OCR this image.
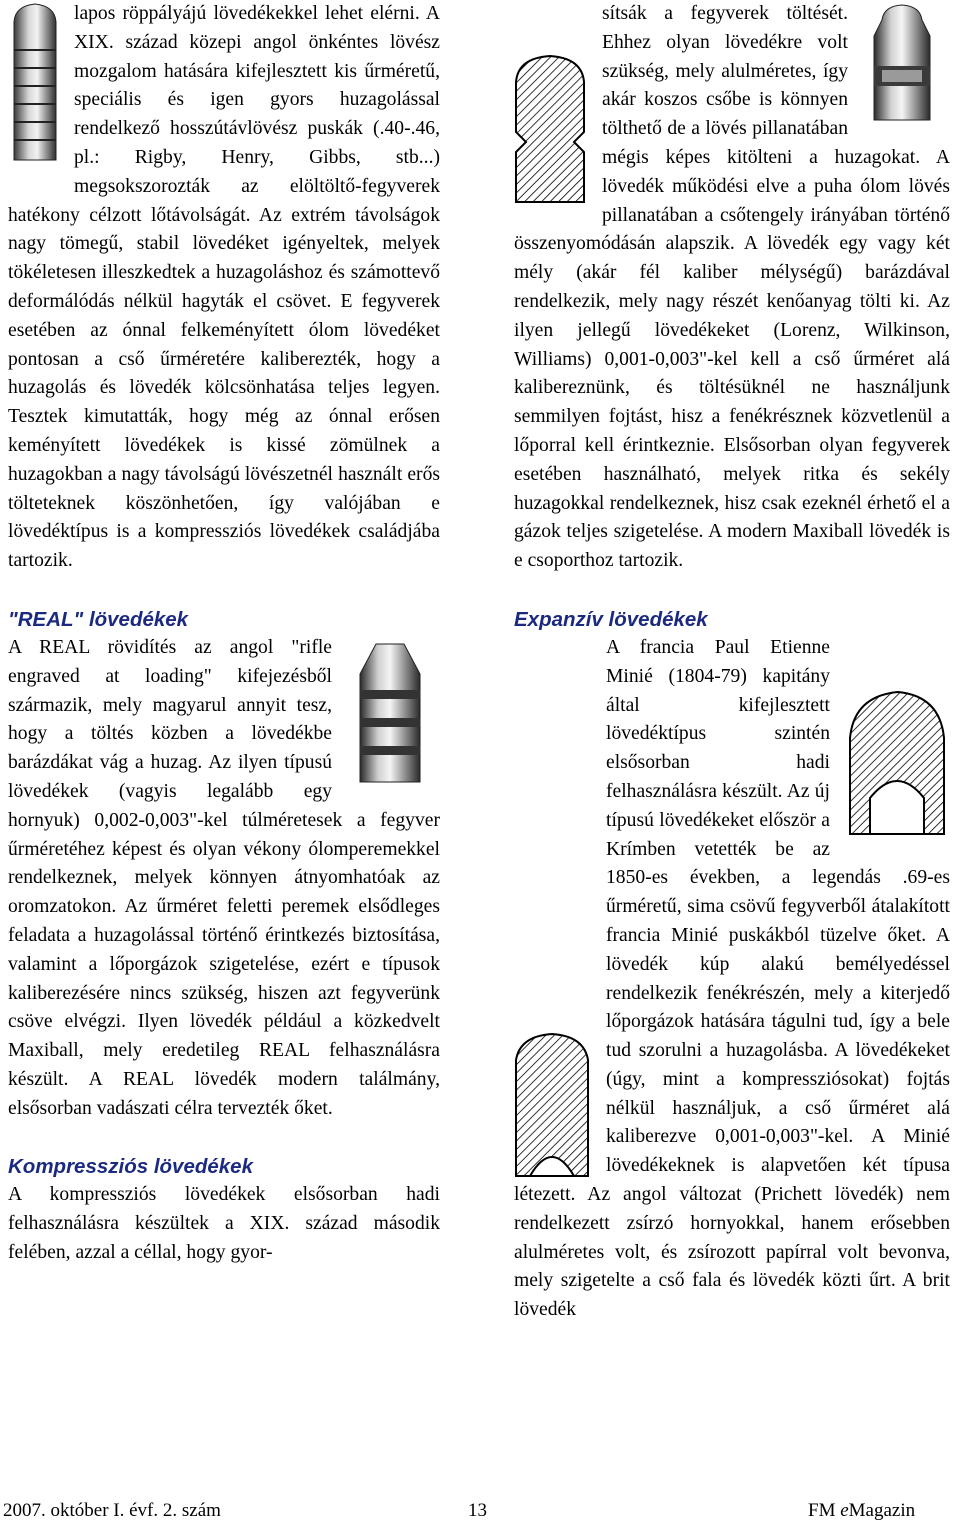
lapos röppályájú lövedékekkel lehet elérni. A XIX. század közepi angol önkéntes lövész mozgalom hatására kifejlesztett kis űrméretű, speciális és igen gyors huzagolással rendelkező hosszútávlövész puskák (.40-.46, pl.: Rigby, Henry, Gibbs, stb...) megsokszorozták az elöltöltő-fegyverek hatékony célzott lőtávolságát. Az extrém távolságok nagy tömegű, stabil lövedéket igényeltek, melyek tökéletesen illeszkedtek a huzagoláshoz és számottevő deformálódás nélkül hagyták el csövet. E fegyverek esetében az ónnal felkeményített ólom lövedéket pontosan a cső űrméretére kaliberezték, hogy a huzagolás és lövedék kölcsönhatása teljes legyen. Tesztek kimutatták, hogy még az ónnal erősen keményített lövedékek is kissé zömülnek a huzagokban a nagy távolságú lövészetnél használt erős tölteteknek köszönhetően, így valójában e lövedéktípus is a kompressziós lövedékek családjába tartozik.

"REAL" lövedékek

A REAL rövidítés az angol "rifle engraved at loading" kifejezésből származik, mely magyarul annyit tesz, hogy a töltés közben a lövedékbe barázdákat vág a huzag. Az ilyen típusú lövedékek (vagyis legalább egy hornyuk) 0,002-0,003"-kel túlméretesek a fegyver űrméretéhez képest és olyan vékony ólomperemekkel rendelkeznek, melyek könnyen átnyomhatóak az oromzatokon. Az űrméret feletti peremek elsődleges feladata a huzagolással történő érintkezés biztosítása, valamint a lőporgázok szigetelése, ezért e típusok kaliberezésére nincs szükség, hiszen azt fegyverünk csöve elvégzi. Ilyen lövedék például a közkedvelt Maxiball, mely eredetileg REAL felhasználásra készült. A REAL lövedék modern találmány, elsősorban vadászati célra tervezték őket.

Kompressziós lövedékek

A kompressziós lövedékek elsősorban hadi felhasználásra készültek a XIX. század második felében, azzal a céllal, hogy gyor-

sítsák a fegyverek töltését. Ehhez olyan lövedékre volt szükség, mely alulméretes, így akár koszos csőbe is könnyen tölthető de a lövés pillanatában mégis képes kitölteni a huzagokat. A lövedék működési elve a puha ólom lövés pillanatában a csőtengely irányában történő összenyomódásán alapszik. A lövedék egy vagy két mély (akár fél kaliber mélységű) barázdával rendelkezik, mely nagy részét kenőanyag tölti ki. Az ilyen jellegű lövedékeket (Lorenz, Wilkinson, Williams) 0,001-0,003"-kel kell a cső űrméret alá kalibereznünk, és töltésüknél ne használjunk semmilyen fojtást, hisz a fenékrésznek közvetlenül a lőporral kell érintkeznie. Elsősorban olyan fegyverek esetében használható, melyek ritka és sekély huzagokkal rendelkeznek, hisz csak ezeknél érhető el a gázok teljes szigetelése. A modern Maxiball lövedék is e csoporthoz tartozik.

Expanzív lövedékek

A francia Paul Etienne Minié (1804-79) kapitány által kifejlesztett lövedéktípus szintén elsősorban hadi felhasználásra készült. Az új típusú lövedékeket először a Krímben vetették be az 1850-es években, a legendás .69-es űrméretű, sima csövű fegyverből átalakított francia Minié puskákból tüzelve őket. A lövedék kúp alakú bemélyedéssel rendelkezik fenékrészén, mely a kiterjedő lőporgázok hatására tágulni tud, így a bele tud szorulni a huzagolásba. A lövedékeket (úgy, mint a kompressziósokat) fojtás nélkül használjuk, a cső űrméret alá kaliberezve 0,001-0,003"-kel. A Minié lövedékeknek is alapvetően két típusa létezett. Az angol változat (Prichett lövedék) nem rendelkezett zsírzó hornyokkal, hanem erősebben alulméretes volt, és zsírozott papírral volt bevonva, mely szigetelte a cső fala és lövedék közti űrt. A brit lövedék

2007. október I. évf. 2. szám	13	FM eMagazin
